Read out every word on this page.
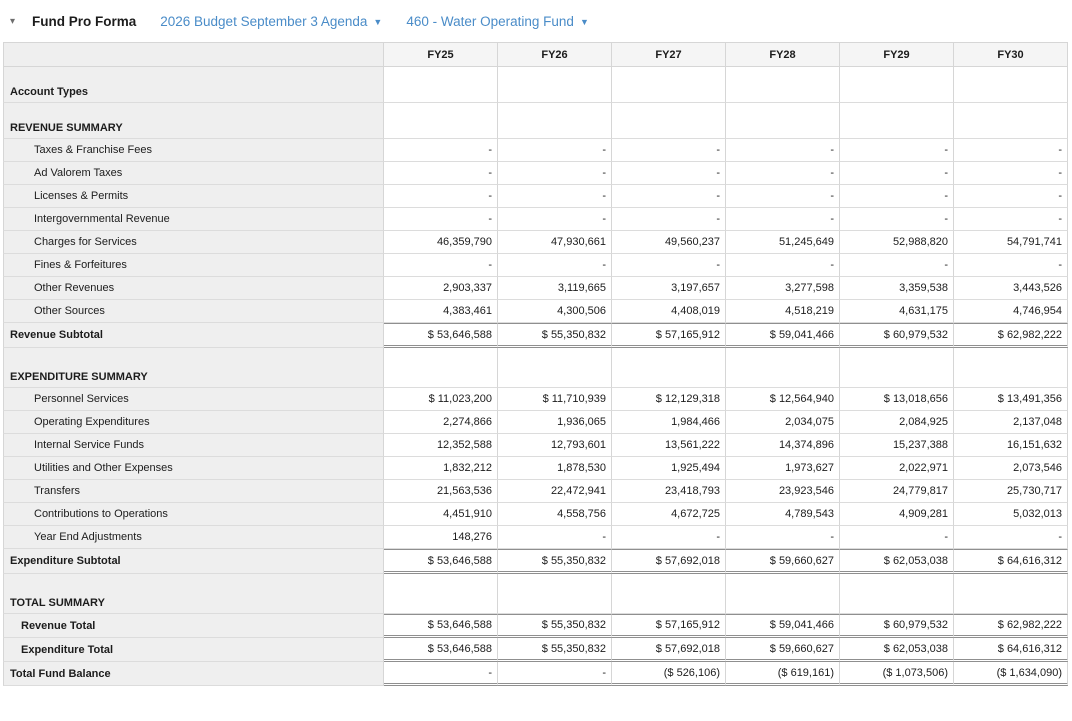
▾	Fund Pro Forma 2026 Budget September 3 Agenda ▼ 460 - Water Operating Fund ▼
	FY25	FY26	FY27	FY28	FY29	FY30
Account Types						
REVENUE SUMMARY						
Taxes & Franchise Fees	-	-	-	-	-	-
Ad Valorem Taxes	-	-	-	-	-	-
Licenses & Permits	-	-	-	-	-	-
Intergovernmental Revenue	-	-	-	-	-	-
Charges for Services	46,359,790	47,930,661	49,560,237	51,245,649	52,988,820	54,791,741
Fines & Forfeitures	-	-	-	-	-	-
Other Revenues	2,903,337	3,119,665	3,197,657	3,277,598	3,359,538	3,443,526
Other Sources	4,383,461	4,300,506	4,408,019	4,518,219	4,631,175	4,746,954
Revenue Subtotal	$ 53,646,588	$ 55,350,832	$ 57,165,912	$ 59,041,466	$ 60,979,532	$ 62,982,222
EXPENDITURE SUMMARY						
Personnel Services	$ 11,023,200	$ 11,710,939	$ 12,129,318	$ 12,564,940	$ 13,018,656	$ 13,491,356
Operating Expenditures	2,274,866	1,936,065	1,984,466	2,034,075	2,084,925	2,137,048
Internal Service Funds	12,352,588	12,793,601	13,561,222	14,374,896	15,237,388	16,151,632
Utilities and Other Expenses	1,832,212	1,878,530	1,925,494	1,973,627	2,022,971	2,073,546
Transfers	21,563,536	22,472,941	23,418,793	23,923,546	24,779,817	25,730,717
Contributions to Operations	4,451,910	4,558,756	4,672,725	4,789,543	4,909,281	5,032,013
Year End Adjustments	148,276	-	-	-	-	-
Expenditure Subtotal	$ 53,646,588	$ 55,350,832	$ 57,692,018	$ 59,660,627	$ 62,053,038	$ 64,616,312
TOTAL SUMMARY						
Revenue Total	$ 53,646,588	$ 55,350,832	$ 57,165,912	$ 59,041,466	$ 60,979,532	$ 62,982,222
Expenditure Total	$ 53,646,588	$ 55,350,832	$ 57,692,018	$ 59,660,627	$ 62,053,038	$ 64,616,312
Total Fund Balance	-	-	($ 526,106)	($ 619,161)	($ 1,073,506)	($ 1,634,090)
